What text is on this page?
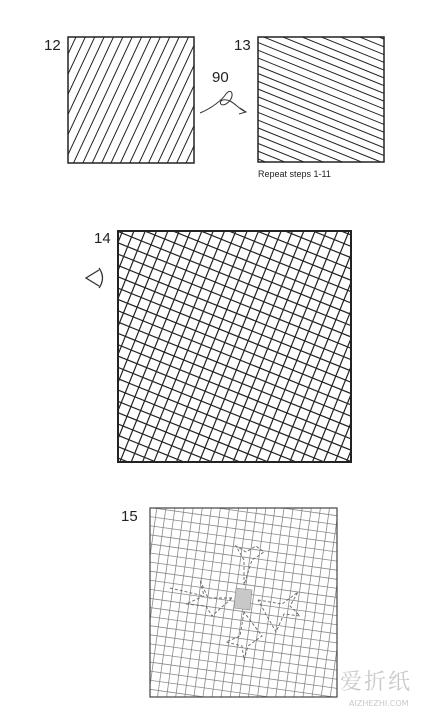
12	13
Repeat steps 1-11
90
14
15
爱折纸
AIZHEZHI.COM
